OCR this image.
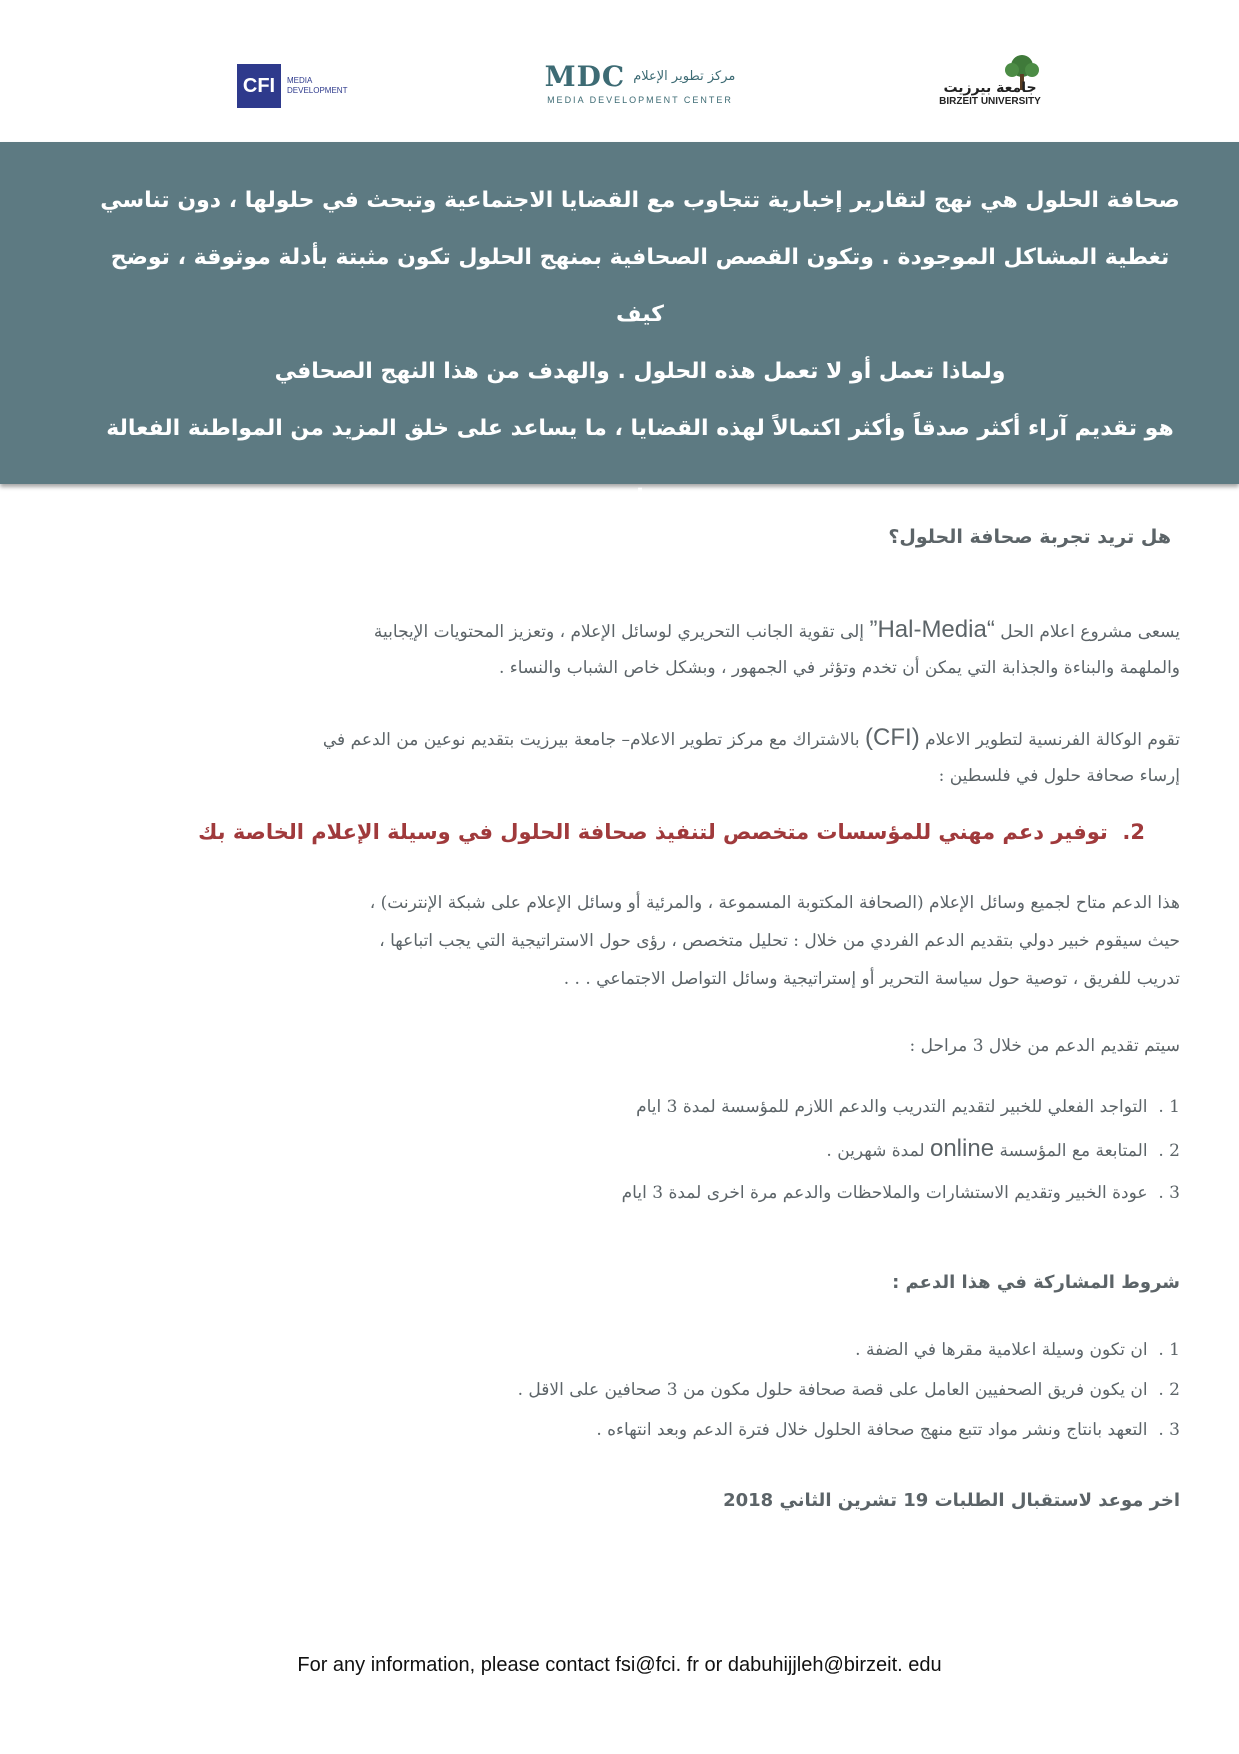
CFI	MEDIA DEVELOPMENT	MDC مركز تطوير الإعلام
MEDIA DEVELOPMENT CENTER
جامعة بيرزيت
BIRZEIT UNIVERSITY

صحافة الحلول هي نهج لتقارير إخبارية تتجاوب مع القضايا الاجتماعية وتبحث في حلولها ، دون تناسي

تغطية المشاكل الموجودة . وتكون القصص الصحافية بمنهج الحلول تكون مثبتة بأدلة موثوقة ، توضح كيف

ولماذا تعمل أو لا تعمل هذه الحلول . والهدف من هذا النهج الصحافي

هو تقديم آراء أكثر صدقاً وأكثر اكتمالاً لهذه القضايا ، ما يساعد على خلق المزيد من المواطنة الفعالة .

هل تريد تجربة صحافة الحلول؟

يسعى مشروع اعلام الحل “Hal-Media” إلى تقوية الجانب التحريري لوسائل الإعلام ، وتعزيز المحتويات الإيجابية

والملهمة والبناءة والجذابة التي يمكن أن تخدم وتؤثر في الجمهور ، وبشكل خاص الشباب والنساء .

تقوم الوكالة الفرنسية لتطوير الاعلام (CFI) بالاشتراك مع مركز تطوير الاعلام– جامعة بيرزيت بتقديم نوعين من الدعم في

إرساء صحافة حلول في فلسطين :

2.  توفير دعم مهني للمؤسسات متخصص لتنفيذ صحافة الحلول في وسيلة الإعلام الخاصة بك

هذا الدعم متاح لجميع وسائل الإعلام (الصحافة المكتوبة المسموعة ، والمرئية أو وسائل الإعلام على شبكة الإنترنت) ،

حيث سيقوم خبير دولي بتقديم الدعم الفردي من خلال : تحليل متخصص ، رؤى حول الاستراتيجية التي يجب اتباعها ،

تدريب للفريق ، توصية حول سياسة التحرير أو إستراتيجية وسائل التواصل الاجتماعي . . .

سيتم تقديم الدعم من خلال 3 مراحل :
1 .  التواجد الفعلي للخبير لتقديم التدريب والدعم اللازم للمؤسسة لمدة 3 ايام
2 .  المتابعة مع المؤسسة online لمدة شهرين .
3 .  عودة الخبير وتقديم الاستشارات والملاحظات والدعم مرة اخرى لمدة 3 ايام
شروط المشاركة في هذا الدعم :
1 .  ان تكون وسيلة اعلامية مقرها في الضفة .
2 .  ان يكون فريق الصحفيين العامل على قصة صحافة حلول مكون من 3 صحافين على الاقل .
3 .  التعهد بانتاج ونشر مواد تتبع منهج صحافة الحلول خلال فترة الدعم وبعد انتهاءه .
اخر موعد لاستقبال الطلبات 19 تشرين الثاني 2018
For any information, please contact fsi@fci. fr or dabuhijjleh@birzeit. edu
